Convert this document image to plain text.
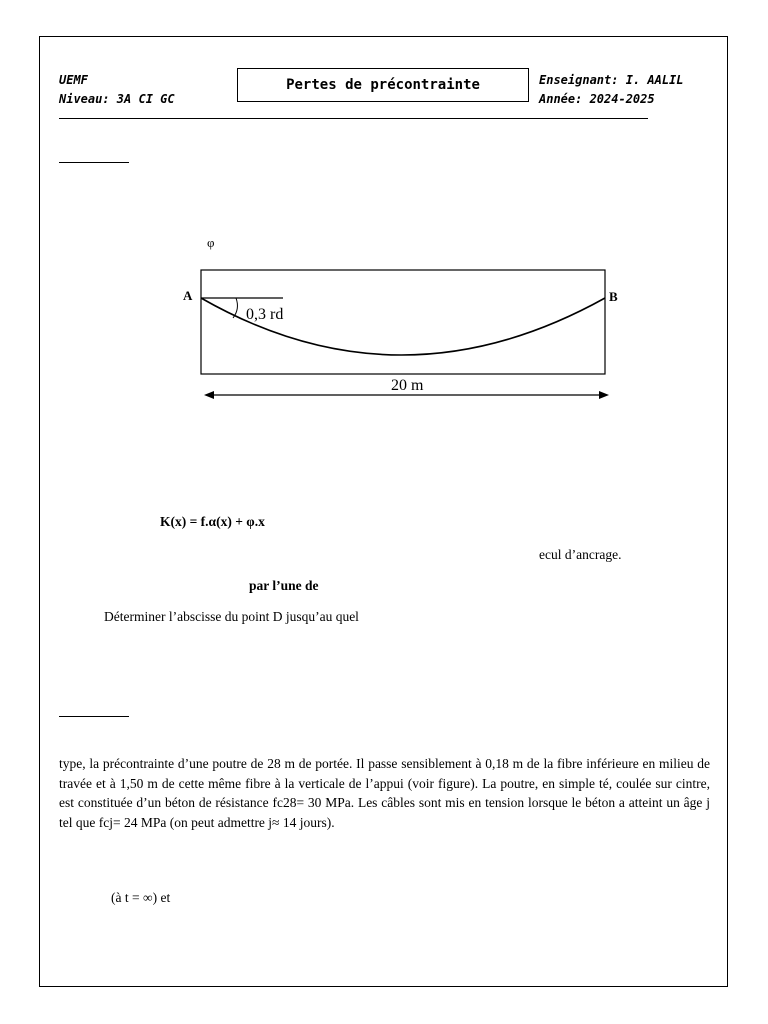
UEMF
Niveau: 3A CI GC
Pertes de précontrainte	Enseignant: I. AALIL
Année: 2024-2025
φ
A	B
0,3 rd
20 m
K(x) = f.α(x) + φ.x
ecul d’ancrage.
par l’une de
Déterminer l’abscisse du point D jusqu’au quel
type, la précontrainte d’une poutre de 28 m de portée. Il passe sensiblement à 0,18 m de la fibre inférieure en milieu de travée et à 1,50 m de cette même fibre à la verticale de l’appui (voir figure). La poutre, en simple té, coulée sur cintre, est constituée d’un béton de résistance fc28= 30 MPa. Les câbles sont mis en tension lorsque le béton a atteint un âge j tel que fcj= 24 MPa (on peut admettre j≈ 14 jours).
(à t = ∞) et
